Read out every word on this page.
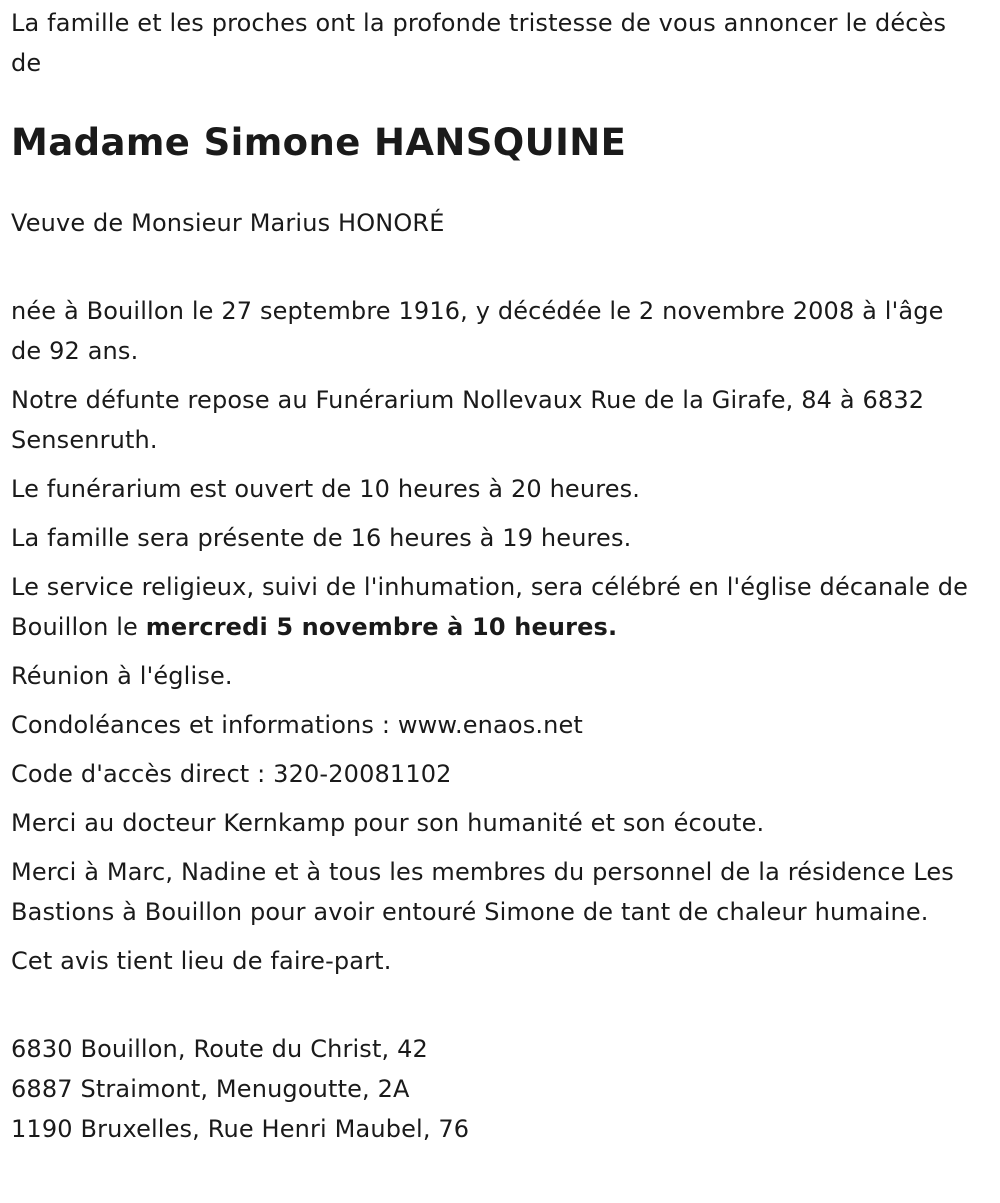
La famille et les proches ont la profonde tristesse de vous annoncer le décès de

Madame Simone HANSQUINE

Veuve de Monsieur Marius HONORÉ

née à Bouillon le 27 septembre 1916, y décédée le 2 novembre 2008 à l'âge de 92 ans.

Notre défunte repose au Funérarium Nollevaux Rue de la Girafe, 84 à 6832 Sensenruth.

Le funérarium est ouvert de 10 heures à 20 heures.

La famille sera présente de 16 heures à 19 heures.

Le service religieux, suivi de l'inhumation, sera célébré en l'église décanale de Bouillon le mercredi 5 novembre à 10 heures.

Réunion à l'église.

Condoléances et informations : www.enaos.net

Code d'accès direct : 320-20081102

Merci au docteur Kernkamp pour son humanité et son écoute.

Merci à Marc, Nadine et à tous les membres du personnel de la résidence Les Bastions à Bouillon pour avoir entouré Simone de tant de chaleur humaine.

Cet avis tient lieu de faire-part.

6830 Bouillon, Route du Christ, 42

6887 Straimont, Menugoutte, 2A

1190 Bruxelles, Rue Henri Maubel, 76
